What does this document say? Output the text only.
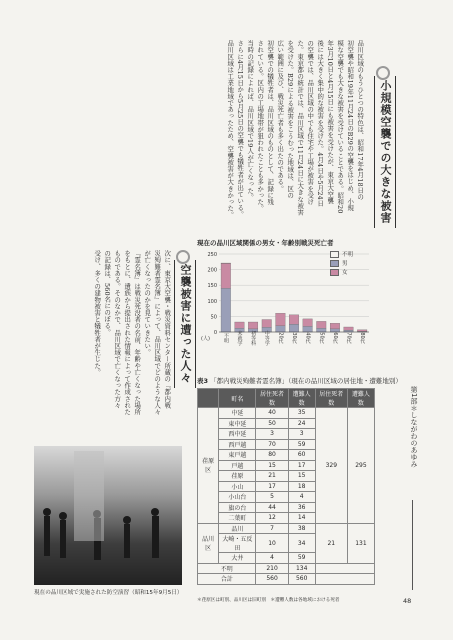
小規模空襲での大きな被害
品川区域のもうひとつの特色は、昭和17年4月18日の
初空襲や昭和19年11月24日のB29の空襲をはじめ、小規
模な空襲でも大きな被害を受けていることである。昭和20
年3月10日と4月15日にも被害を受けたが、東京大空襲
後には大きく集中的な被害を受けた。4月4日や5月24日
の空襲では、品川区域の中でも住宅や工場が被害を受け
た。東京都の統計では、品川区域で11月24日に大きな被害
を受けた。B29による被害をこうむった地域は、区の
広い範囲に及び、戦災死亡者も多く出たのである。
初空襲での犠牲者は、品川区域のものとして、記録に残
されている。区内の工場地帯が狙われたことも多かった。
当時の記録によれば、品川区域で19人が亡くなった。
さらに4月15日から5月25日の空襲でも犠牲者が出ている。
品川区域は工業地域であったため、空襲被害が大きかった。
空襲被害に遭った人々
次に、東京大空襲・戦災資料センター所蔵の『都内戦
災殉難者霊名簿』によって、品川区域でどのような人々
が亡くなったのかを見ていきたい。
『霊名簿』は戦災死没者の名前、年齢や亡くなった場所
をもとに、遺族から提出された情報によって作成された
ものである。そのなかで、品川区域で亡くなった方々
の記録は、560名にのぼる。
受け、多くの建物被害と犠牲者が生じた。
現在の品川区域関係の男女・年齢別戦災死亡者
0
50
100
150
200
250
(人)	不明 未就学 初等科 中等学 20代 30代 40代 50代 60代 70代 80代
不明
男
女
表3 「都内戦災殉難者霊名簿」（現在の品川区域の居住地・遭難地別）
	町名	居住死者数	遭難人数	居住死者数	遭難人数
荏原区	中延	40	35	329	295
	東中延	50	24		
	西中延	3	3		
	西戸越	70	59		
	東戸越	80	60		
	戸越	15	17		
	荏原	21	15		
	小山	17	18		
	小山台	5	4		
	旗の台	44	36		
	二葉町	12	14		
品川区	品川	7	38	21	131
	大崎・五反田	10	34		
	大井	4	59		
不明		210	134		
合計		560	560		
＊荏原区は町別、品川区は旧町別　＊遭難人数は各地域における死者
現在の品川区域で実施された防空演習（昭和15年9月5日）
第1部＊しながわのあゆみ
48
